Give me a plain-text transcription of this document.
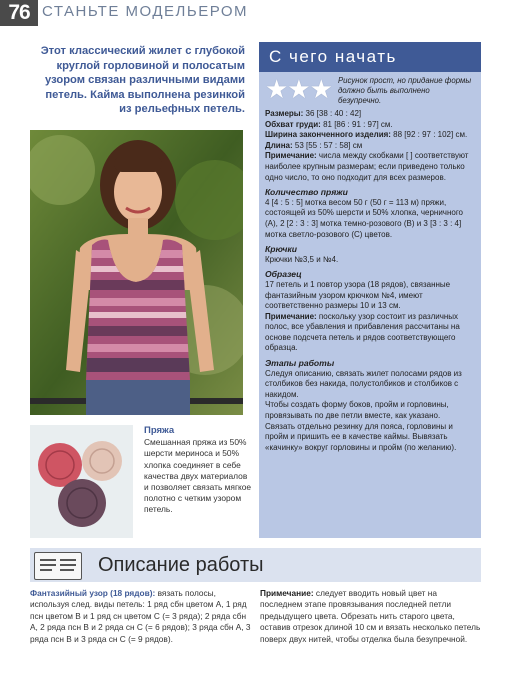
76 СТАНЬТЕ МОДЕЛЬЕРОМ

Этот классический жилет с глубокой круглой горловиной и полосатым узором связан различными видами петель. Кайма выполнена резинкой из рельефных петель.

Пряжа
Смешанная пряжа из 50% шерсти мериноса и 50% хлопка соединяет в себе качества двух материалов и позволяет связать мягкое полотно с четким узором петель.
С чего начать
★★★ Рисунок прост, но придание формы должно быть выполнено безупречно.

Размеры: 36 [38 : 40 : 42]

Обхват груди: 81 [86 : 91 : 97] см.

Ширина законченного изделия: 88 [92 : 97 : 102] см.

Длина: 53 [55 : 57 : 58] см

Примечание: числа между скобками [ ] соответствуют наиболее крупным размерам; если приведено только одно число, то оно подходит для всех размеров.

Количество пряжи

4 [4 : 5 : 5] мотка весом 50 г (50 г = 113 м) пряжи, состоящей из 50% шерсти и 50% хлопка, черничного (A), 2 [2 : 3 : 3] мотка темно-розового (B) и 3 [3 : 3 : 4] мотка светло-розового (C) цветов.

Крючки

Крючки №3,5 и №4.

Образец

17 петель и 1 повтор узора (18 рядов), связанные фантазийным узором крючком №4, имеют соответственно размеры 10 и 13 см.

Примечание: поскольку узор состоит из различных полос, все убавления и прибавления рассчитаны на основе подсчета петель и рядов соответствующего образца.

Этапы работы

Следуя описанию, связать жилет полосами рядов из столбиков без накида, полустолбиков и столбиков с накидом.

Чтобы создать форму боков, пройм и горловины, провязывать по две петли вместе, как указано.

Связать отдельно резинку для пояса, горловины и пройм и пришить ее в качестве каймы. Вывязать «качинку» вокруг горловины и пройм (по желанию).

Описание работы
Фантазийный узор (18 рядов): вязать полосы, используя след. виды петель: 1 ряд сбн цветом A, 1 ряд псн цветом B и 1 ряд сн цветом C (= 3 ряда); 2 ряда сбн A, 2 ряда псн B и 2 ряда сн C (= 6 рядов); 3 ряда сбн A, 3 ряда псн B и 3 ряда сн C (= 9 рядов).
Примечание: следует вводить новый цвет на последнем этапе провязывания последней петли предыдущего цвета. Обрезать нить старого цвета, оставив отрезок длиной 10 см и вязать несколько петель поверх двух нитей, чтобы отделка была безупречной.
